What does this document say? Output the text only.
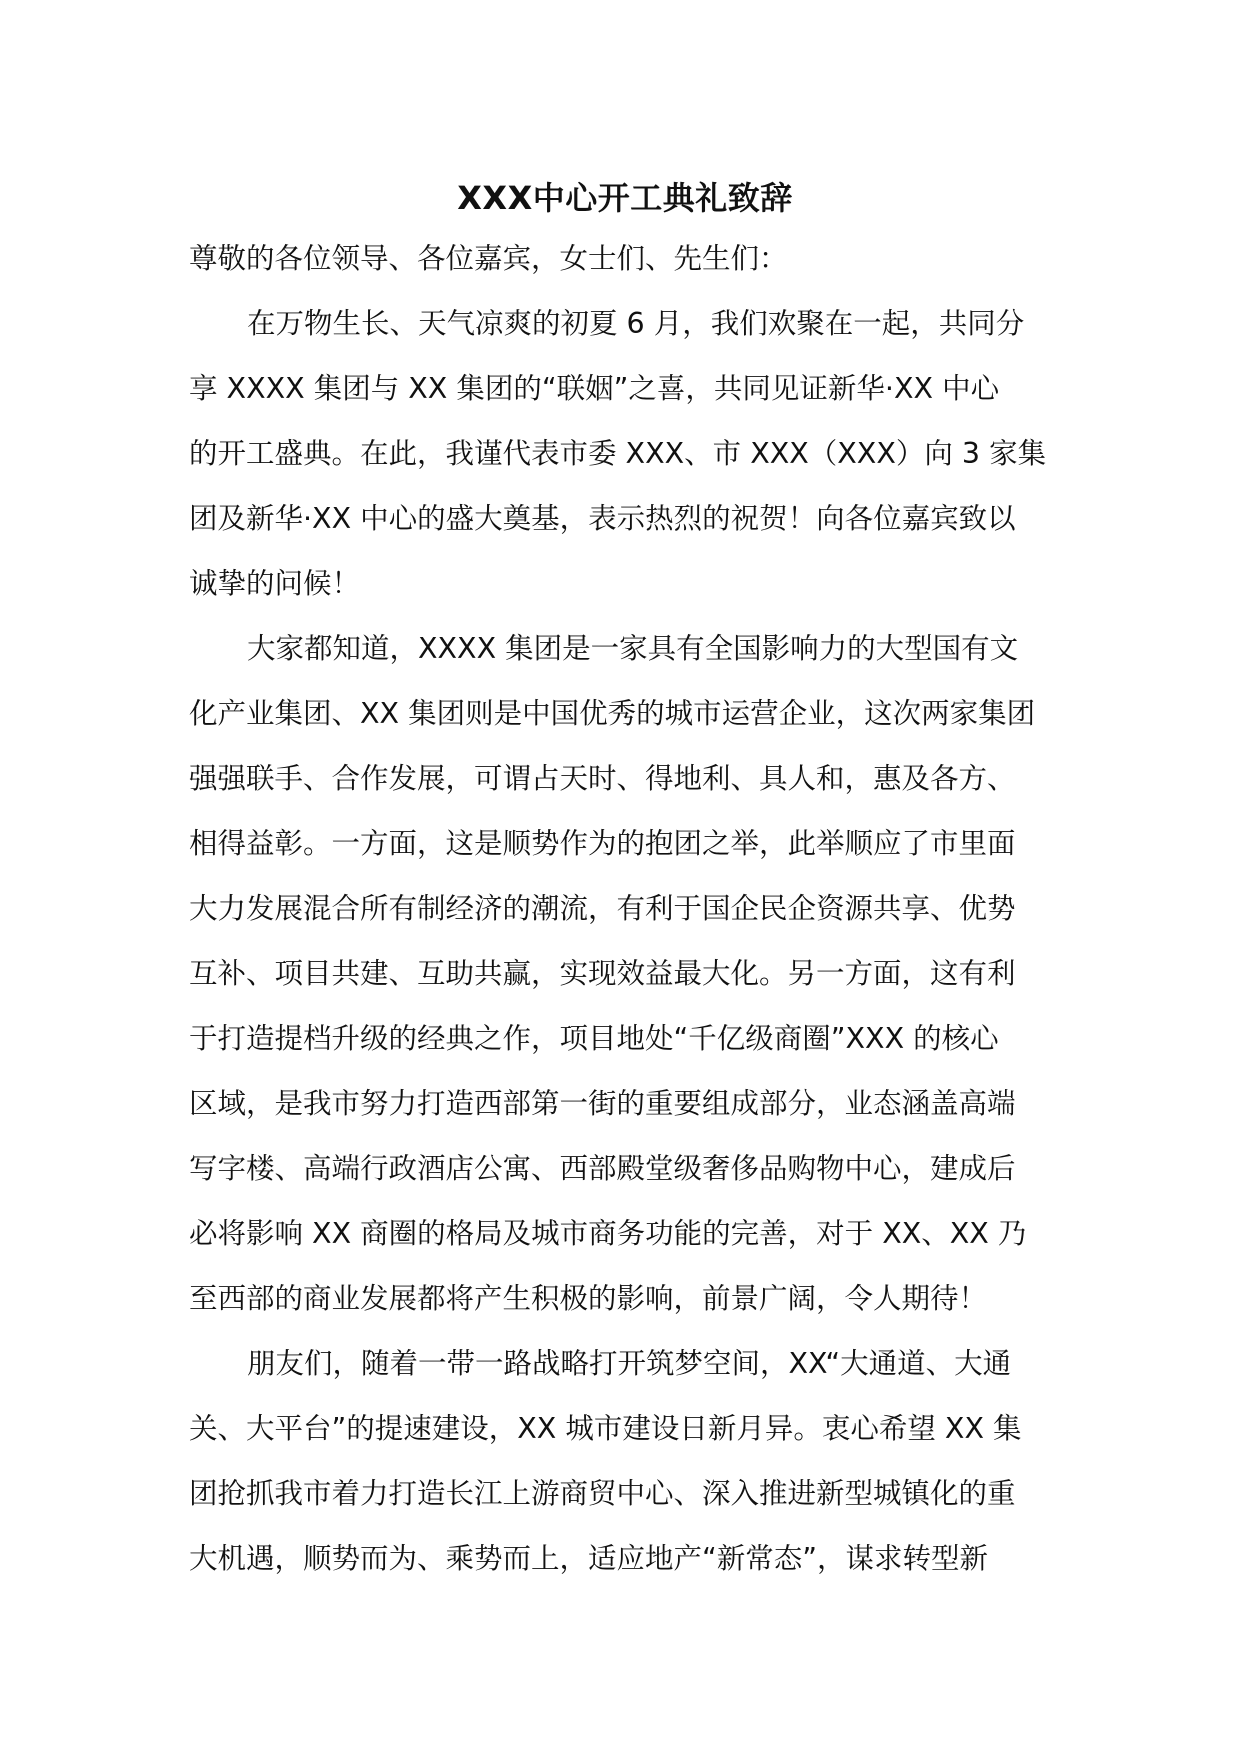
XXX中心开工典礼致辞

尊敬的各位领导、各位嘉宾，女士们、先生们：

在万物生长、天气凉爽的初夏 6 月，我们欢聚在一起，共同分
享 XXXX 集团与 XX 集团的“联姻”之喜，共同见证新华·XX 中心
的开工盛典。在此，我谨代表市委 XXX、市 XXX（XXX）向 3 家集
团及新华·XX 中心的盛大奠基，表示热烈的祝贺！向各位嘉宾致以
诚挚的问候！

大家都知道，XXXX 集团是一家具有全国影响力的大型国有文
化产业集团、XX 集团则是中国优秀的城市运营企业，这次两家集团
强强联手、合作发展，可谓占天时、得地利、具人和，惠及各方、
相得益彰。一方面，这是顺势作为的抱团之举，此举顺应了市里面
大力发展混合所有制经济的潮流，有利于国企民企资源共享、优势
互补、项目共建、互助共赢，实现效益最大化。另一方面，这有利
于打造提档升级的经典之作，项目地处“千亿级商圈”XXX 的核心
区域，是我市努力打造西部第一街的重要组成部分，业态涵盖高端
写字楼、高端行政酒店公寓、西部殿堂级奢侈品购物中心，建成后
必将影响 XX 商圈的格局及城市商务功能的完善，对于 XX、XX 乃
至西部的商业发展都将产生积极的影响，前景广阔，令人期待！

朋友们，随着一带一路战略打开筑梦空间，XX“大通道、大通
关、大平台”的提速建设，XX 城市建设日新月异。衷心希望 XX 集
团抢抓我市着力打造长江上游商贸中心、深入推进新型城镇化的重
大机遇，顺势而为、乘势而上，适应地产“新常态”，谋求转型新
